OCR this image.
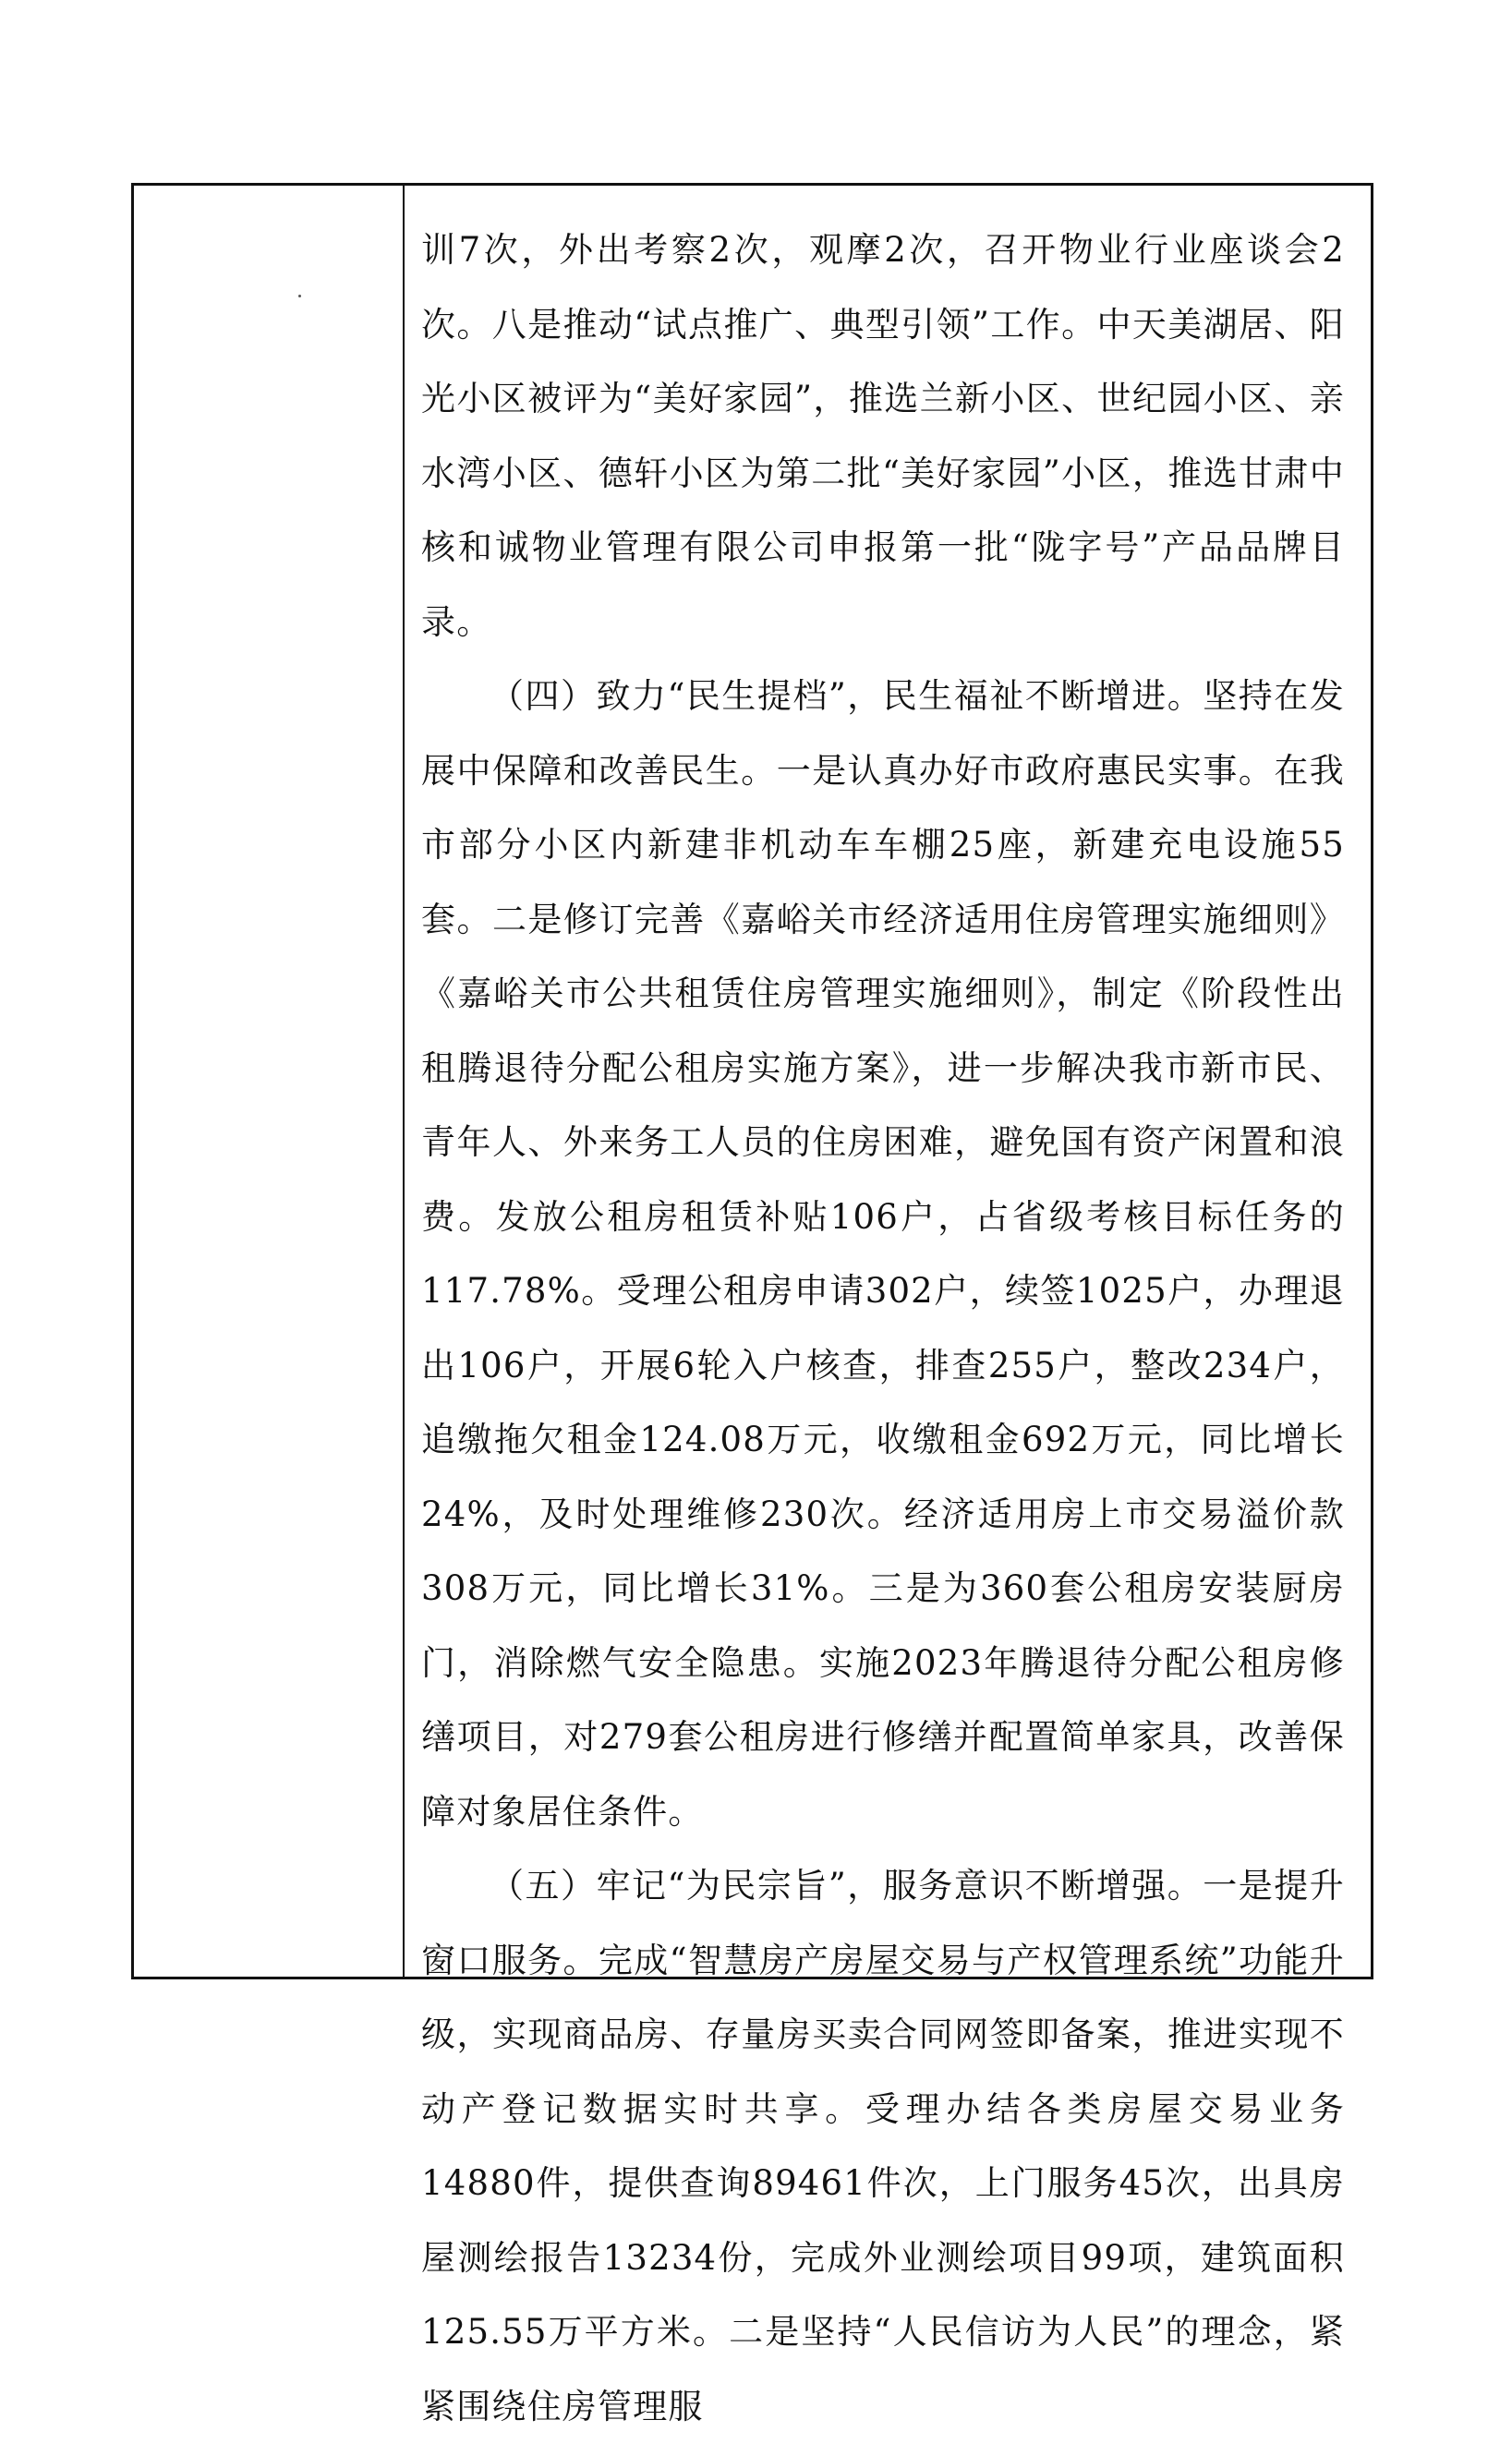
训7次，外出考察2次，观摩2次，召开物业行业座谈会2次。八是推动“试点推广、典型引领”工作。中天美湖居、阳光小区被评为“美好家园”，推选兰新小区、世纪园小区、亲水湾小区、德轩小区为第二批“美好家园”小区，推选甘肃中核和诚物业管理有限公司申报第一批“陇字号”产品品牌目录。

（四）致力“民生提档”，民生福祉不断增进。坚持在发展中保障和改善民生。一是认真办好市政府惠民实事。在我市部分小区内新建非机动车车棚25座，新建充电设施55套。二是修订完善《嘉峪关市经济适用住房管理实施细则》《嘉峪关市公共租赁住房管理实施细则》，制定《阶段性出租腾退待分配公租房实施方案》，进一步解决我市新市民、青年人、外来务工人员的住房困难，避免国有资产闲置和浪费。发放公租房租赁补贴106户，占省级考核目标任务的117.78%。受理公租房申请302户，续签1025户，办理退出106户，开展6轮入户核查，排查255户，整改234户，追缴拖欠租金124.08万元，收缴租金692万元，同比增长24%，及时处理维修230次。经济适用房上市交易溢价款308万元，同比增长31%。三是为360套公租房安装厨房门，消除燃气安全隐患。实施2023年腾退待分配公租房修缮项目，对279套公租房进行修缮并配置简单家具，改善保障对象居住条件。

（五）牢记“为民宗旨”，服务意识不断增强。一是提升窗口服务。完成“智慧房产房屋交易与产权管理系统”功能升级，实现商品房、存量房买卖合同网签即备案，推进实现不动产登记数据实时共享。受理办结各类房屋交易业务14880件，提供查询89461件次，上门服务45次，出具房屋测绘报告13234份，完成外业测绘项目99项，建筑面积125.55万平方米。二是坚持“人民信访为人民”的理念，紧紧围绕住房管理服
